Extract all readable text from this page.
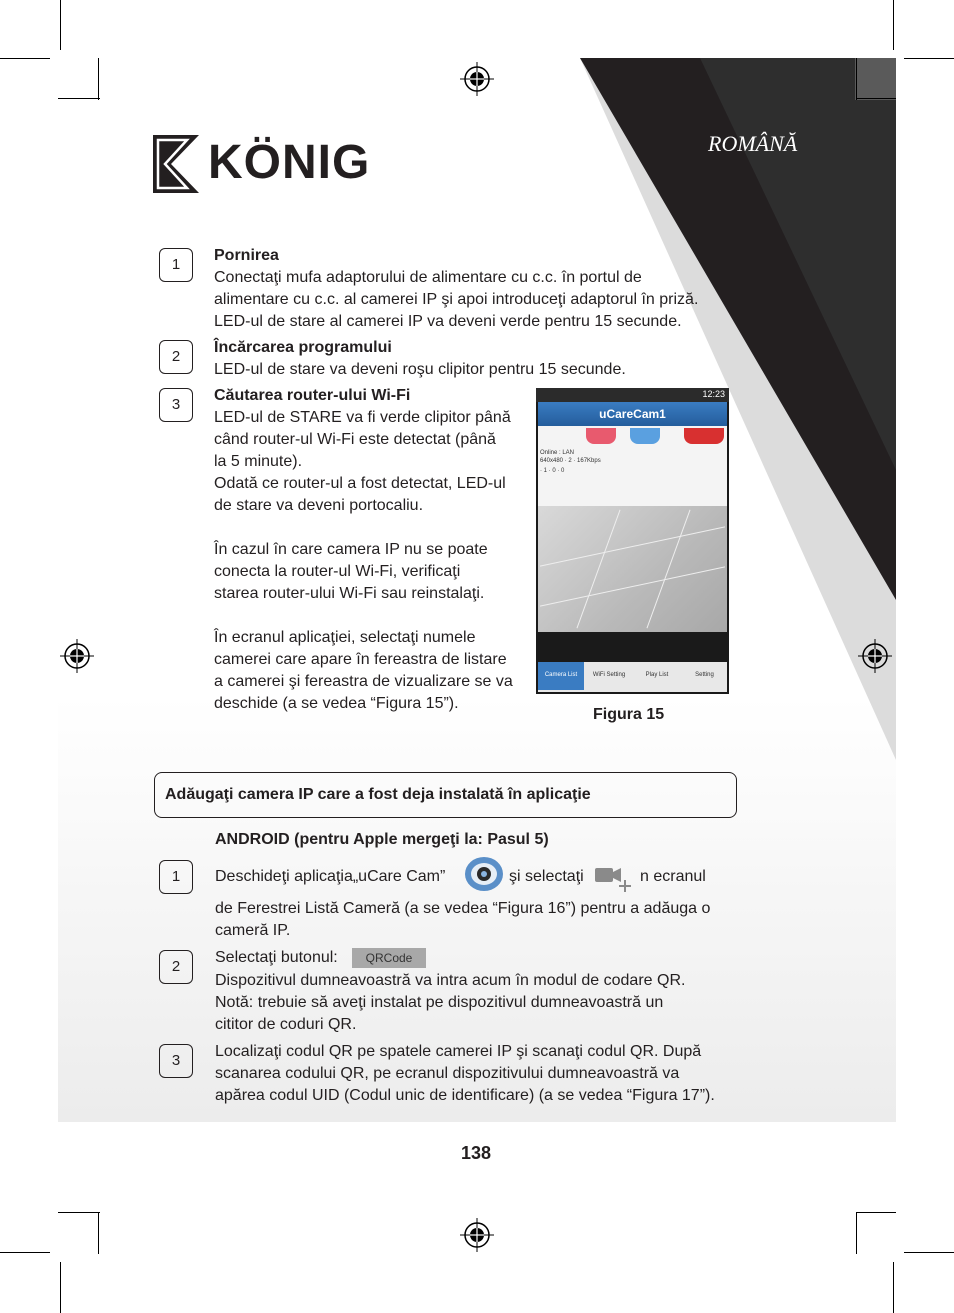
KÖNIG	ROMÂNĂ
1
Pornirea
Conectaţi mufa adaptorului de alimentare cu c.c. în portul de
alimentare cu c.c. al camerei IP şi apoi introduceţi adaptorul în priză.
LED-ul de stare al camerei IP va deveni verde pentru 15 secunde.
2
Încărcarea programului
LED-ul de stare va deveni roşu clipitor pentru 15 secunde.
3
Căutarea router-ului Wi-Fi
LED-ul de STARE va fi verde clipitor până
când router-ul Wi-Fi este detectat (până
la 5 minute).
Odată ce router-ul a fost detectat, LED-ul
de stare va deveni portocaliu.
În cazul în care camera IP nu se poate
conecta la router-ul Wi-Fi, verificaţi
starea router-ului Wi-Fi sau reinstalaţi.
În ecranul aplicaţiei, selectaţi numele
camerei care apare în fereastra de listare
a camerei şi fereastra de vizualizare se va
deschide (a se vedea “Figura 15”).
12:23
uCareCam1
Online : LAN
640x480 · 2 · 167Kbps
· 1 · 0 · 0
Camera List	WiFi Setting	Play List	Setting
Figura 15
Adăugaţi camera IP care a fost deja instalată în aplicaţie
ANDROID (pentru Apple mergeţi la: Pasul 5)
1	Deschideţi aplicaţia„uCare Cam”	şi selectaţi	n ecranul
de Ferestrei Listă Cameră (a se vedea “Figura 16”) pentru a adăuga o
cameră IP.
2
Selectaţi butonul:	QRCode
Dispozitivul dumneavoastră va intra acum în modul de codare QR.
Notă: trebuie să aveţi instalat pe dispozitivul dumneavoastră un
cititor de coduri QR.
3
Localizaţi codul QR pe spatele camerei IP şi scanaţi codul QR. După
scanarea codului QR, pe ecranul dispozitivului dumneavoastră va
apărea codul UID (Codul unic de identificare) (a se vedea “Figura 17”).
138
